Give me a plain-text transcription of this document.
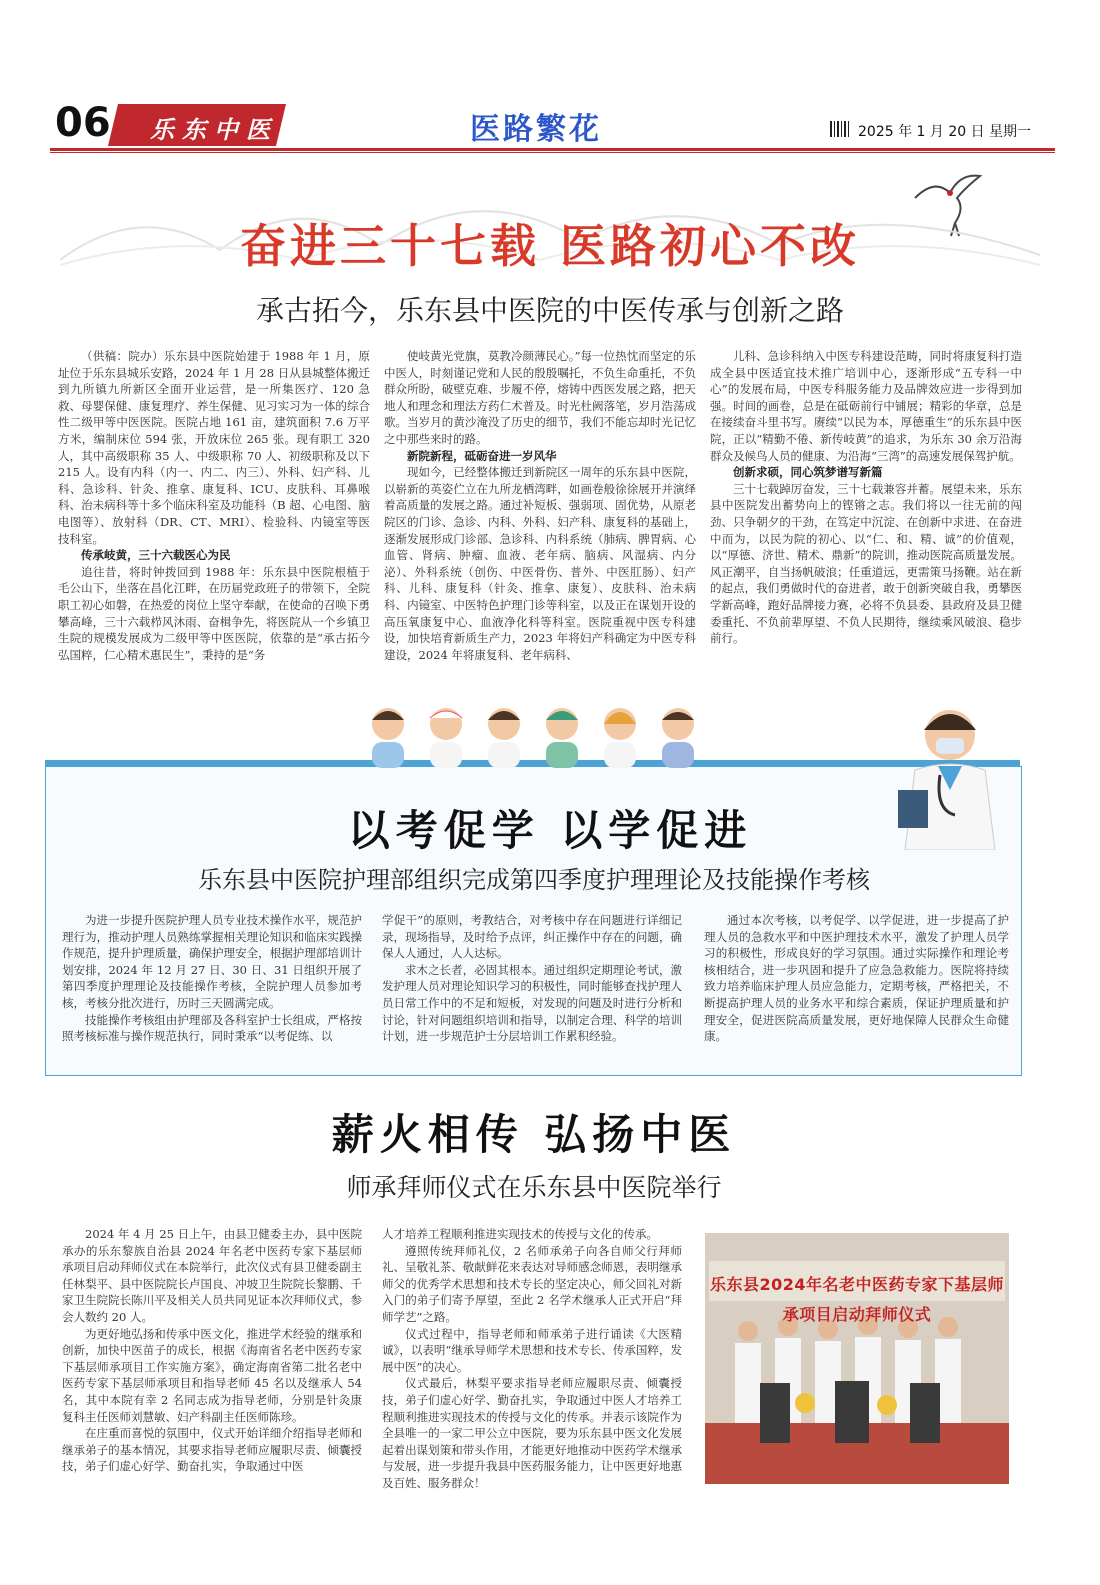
06 乐东中医	医路繁花	2025 年 1 月 20 日 星期一
奋进三十七载 医路初心不改
承古拓今，乐东县中医院的中医传承与创新之路

（供稿：院办）乐东县中医院始建于 1988 年 1 月，原址位于乐东县城乐安路，2024 年 1 月 28 日从县城整体搬迁到九所镇九所新区全面开业运营，是一所集医疗、120 急救、母婴保健、康复理疗、养生保健、见习实习为一体的综合性二级甲等中医医院。医院占地 161 亩，建筑面积 7.6 万平方米，编制床位 594 张，开放床位 265 张。现有职工 320 人，其中高级职称 35 人、中级职称 70 人、初级职称及以下 215 人。设有内科（内一、内二、内三）、外科、妇产科、儿科、急诊科、针灸、推拿、康复科、ICU、皮肤科、耳鼻喉科、治未病科等十多个临床科室及功能科（B 超、心电图、脑电图等）、放射科（DR、CT、MRI）、检验科、内镜室等医技科室。

传承岐黄，三十六载医心为民

追往昔，将时钟拨回到 1988 年：乐东县中医院根植于毛公山下，坐落在昌化江畔，在历届党政班子的带领下，全院职工初心如磐，在热爱的岗位上坚守奉献，在使命的召唤下勇攀高峰，三十六载栉风沐雨、奋楫争先，将医院从一个乡镇卫生院的规模发展成为二级甲等中医医院，依靠的是“承古拓今弘国粹，仁心精术惠民生”，秉持的是“务

使岐黄光党旗，莫教冷颜薄民心。”每一位热忱而坚定的乐中医人，时刻谨记党和人民的殷殷嘱托，不负生命重托，不负群众所盼，破壁克难、步履不停，熔铸中西医发展之路，把天地人和理念和理法方药仁术普及。时光杜阙落笔，岁月浩荡成歌。当岁月的黄沙淹没了历史的细节，我们不能忘却时光记忆之中那些来时的路。

新院新程，砥砺奋进一岁风华

现如今，已经整体搬迁到新院区一周年的乐东县中医院，以崭新的英姿伫立在九所龙栖湾畔，如画卷般徐徐展开并演绎着高质量的发展之路。通过补短板、强弱项、固优势，从原老院区的门诊、急诊、内科、外科、妇产科、康复科的基础上，逐渐发展形成门诊部、急诊科、内科系统（肺病、脾胃病、心血管、肾病、肿瘤、血液、老年病、脑病、风湿病、内分泌）、外科系统（创伤、中医骨伤、普外、中医肛肠）、妇产科、儿科、康复科（针灸、推拿、康复）、皮肤科、治未病科、内镜室、中医特色护理门诊等科室，以及正在谋划开设的高压氧康复中心、血液净化科等科室。医院重视中医专科建设，加快培育新质生产力，2023 年将妇产科确定为中医专科建设，2024 年将康复科、老年病科、

儿科、急诊科纳入中医专科建设范畴，同时将康复科打造成全县中医适宜技术推广培训中心，逐渐形成“五专科一中心”的发展布局，中医专科服务能力及品牌效应进一步得到加强。时间的画卷，总是在砥砺前行中铺展；精彩的华章，总是在接续奋斗里书写。赓续“以民为本，厚德重生”的乐东县中医院，正以“精勤不倦、新传岐黄”的追求，为乐东 30 余万沿海群众及候鸟人员的健康、为沿海“三湾”的高速发展保驾护航。

创新求硕，同心筑梦谱写新篇

三十七载踔厉奋发，三十七载兼容并蓄。展望未来，乐东县中医院发出蓄势向上的铿锵之志。我们将以一往无前的闯劲、只争朝夕的干劲，在笃定中沉淀、在创新中求进、在奋进中而为，以民为院的初心、以“仁、和、精、诚”的价值观，以“厚德、济世、精术、鼎新”的院训，推动医院高质量发展。风正潮平，自当扬帆破浪；任重道远，更需策马扬鞭。站在新的起点，我们勇做时代的奋进者，敢于创新突破自我，勇攀医学新高峰，跑好品牌接力赛，必将不负县委、县政府及县卫健委重托、不负前辈厚望、不负人民期待，继续乘风破浪、稳步前行。

以考促学 以学促进
乐东县中医院护理部组织完成第四季度护理理论及技能操作考核

为进一步提升医院护理人员专业技术操作水平，规范护理行为，推动护理人员熟练掌握相关理论知识和临床实践操作规范，提升护理质量，确保护理安全，根据护理部培训计划安排，2024 年 12 月 27 日、30 日、31 日组织开展了第四季度护理理论及技能操作考核，全院护理人员参加考核，考核分批次进行，历时三天圆满完成。

技能操作考核组由护理部及各科室护士长组成，严格按照考核标准与操作规范执行，同时秉承“以考促练、以

学促干”的原则，考教结合，对考核中存在问题进行详细记录，现场指导，及时给予点评，纠正操作中存在的问题，确保人人通过，人人达标。

求木之长者，必固其根本。通过组织定期理论考试，激发护理人员对理论知识学习的积极性，同时能够查找护理人员日常工作中的不足和短板，对发现的问题及时进行分析和讨论，针对问题组织培训和指导，以制定合理、科学的培训计划，进一步规范护士分层培训工作累积经验。

通过本次考核，以考促学、以学促进，进一步提高了护理人员的急救水平和中医护理技术水平，激发了护理人员学习的积极性，形成良好的学习氛围。通过实际操作和理论考核相结合，进一步巩固和提升了应急急救能力。医院将持续致力培养临床护理人员应急能力，定期考核，严格把关，不断提高护理人员的业务水平和综合素质，保证护理质量和护理安全，促进医院高质量发展，更好地保障人民群众生命健康。

薪火相传 弘扬中医
师承拜师仪式在乐东县中医院举行

2024 年 4 月 25 日上午，由县卫健委主办，县中医院承办的乐东黎族自治县 2024 年名老中医药专家下基层师承项目启动拜师仪式在本院举行，此次仪式有县卫健委副主任林梨平、县中医院院长卢国良、冲坡卫生院院长黎鹏、千家卫生院院长陈川平及相关人员共同见证本次拜师仪式，参会人数约 20 人。

为更好地弘扬和传承中医文化，推进学术经验的继承和创新，加快中医苗子的成长，根据《海南省名老中医药专家下基层师承项目工作实施方案》，确定海南省第二批名老中医药专家下基层师承项目和指导老师 45 名以及继承人 54 名，其中本院有幸 2 名同志成为指导老师，分别是针灸康复科主任医师刘慧敏、妇产科副主任医师陈珍。

在庄重而喜悦的氛围中，仪式开始详细介绍指导老师和继承弟子的基本情况，其要求指导老师应履职尽责、倾囊授技，弟子们虚心好学、勤奋扎实，争取通过中医

人才培养工程顺利推进实现技术的传授与文化的传承。

遵照传统拜师礼仪，2 名师承弟子向各自师父行拜师礼、呈敬礼茶、敬献鲜花来表达对导师感念师恩，表明继承师父的优秀学术思想和技术专长的坚定决心，师父回礼对新入门的弟子们寄予厚望，至此 2 名学术继承人正式开启“拜师学艺”之路。

仪式过程中，指导老师和师承弟子进行诵读《大医精诚》，以表明“继承导师学术思想和技术专长、传承国粹，发展中医”的决心。

仪式最后，林梨平要求指导老师应履职尽责、倾囊授技，弟子们虚心好学、勤奋扎实，争取通过中医人才培养工程顺利推进实现技术的传授与文化的传承。并表示该院作为全县唯一的一家二甲公立中医院，要为乐东县中医文化发展起着出谋划策和带头作用，才能更好地推动中医药学术继承与发展，进一步提升我县中医药服务能力，让中医更好地惠及百姓、服务群众！

乐东县2024年名老中医药专家下基层师承项目启动拜师仪式
